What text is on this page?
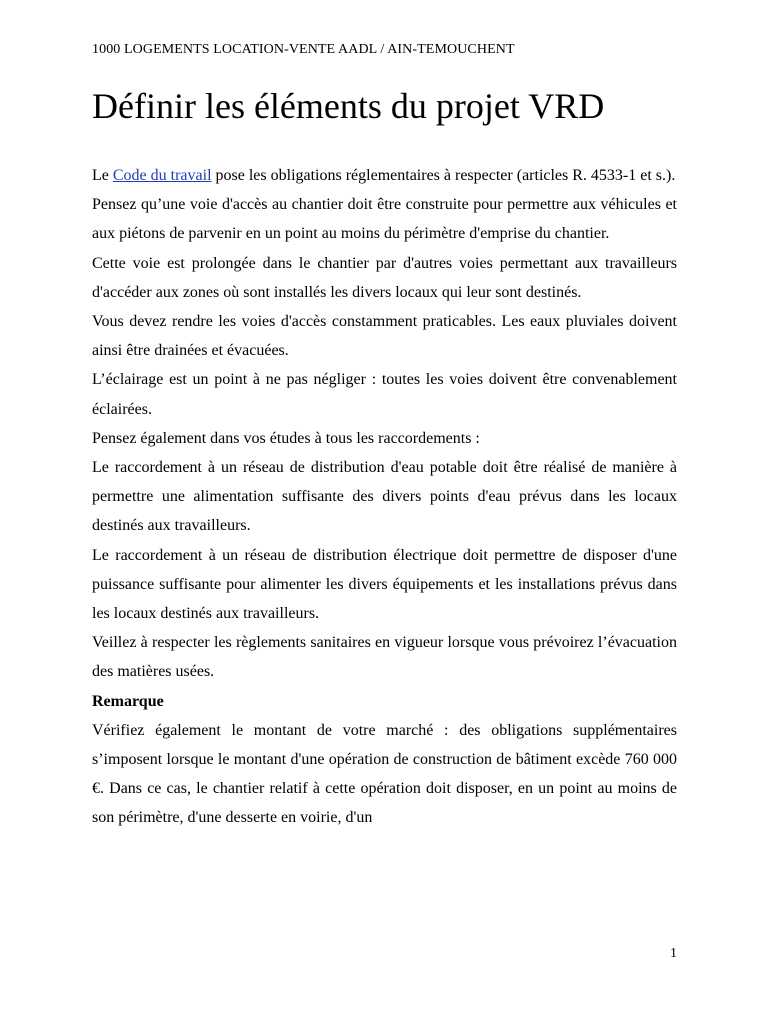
1000 LOGEMENTS LOCATION-VENTE AADL / AIN-TEMOUCHENT
Définir les éléments du projet VRD

Le Code du travail pose les obligations réglementaires à respecter (articles R. 4533-1 et s.).

Pensez qu’une voie d'accès au chantier doit être construite pour permettre aux véhicules et aux piétons de parvenir en un point au moins du périmètre d'emprise du chantier.

Cette voie est prolongée dans le chantier par d'autres voies permettant aux travailleurs d'accéder aux zones où sont installés les divers locaux qui leur sont destinés.

Vous devez rendre les voies d'accès constamment praticables. Les eaux pluviales doivent ainsi être drainées et évacuées.

L’éclairage est un point à ne pas négliger : toutes les voies doivent être convenablement éclairées.

Pensez également dans vos études à tous les raccordements :

Le raccordement à un réseau de distribution d'eau potable doit être réalisé de manière à permettre une alimentation suffisante des divers points d'eau prévus dans les locaux destinés aux travailleurs.

Le raccordement à un réseau de distribution électrique doit permettre de disposer d'une puissance suffisante pour alimenter les divers équipements et les installations prévus dans les locaux destinés aux travailleurs.

Veillez à respecter les règlements sanitaires en vigueur lorsque vous prévoirez l’évacuation des matières usées.

Remarque

Vérifiez également le montant de votre marché : des obligations supplémentaires s’imposent lorsque le montant d'une opération de construction de bâtiment excède 760 000 €. Dans ce cas, le chantier relatif à cette opération doit disposer, en un point au moins de son périmètre, d'une desserte en voirie, d'un

1
